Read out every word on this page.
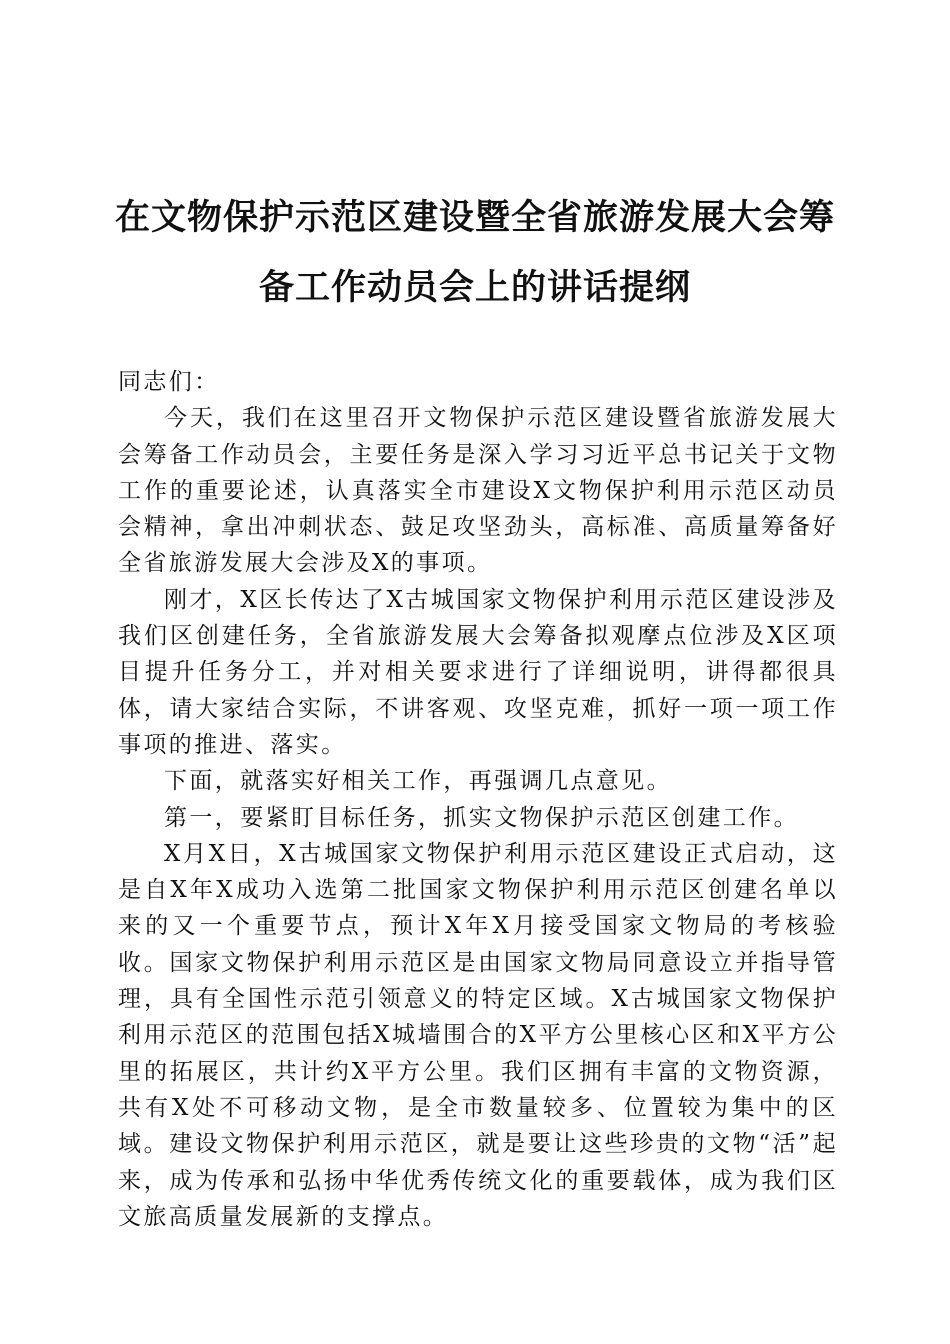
在文物保护示范区建设暨全省旅游发展大会筹
备工作动员会上的讲话提纲

同志们：

今天，我们在这里召开文物保护示范区建设暨省旅游发展大会筹备工作动员会，主要任务是深入学习习近平总书记关于文物工作的重要论述，认真落实全市建设X文物保护利用示范区动员会精神，拿出冲刺状态、鼓足攻坚劲头，高标准、高质量筹备好全省旅游发展大会涉及X的事项。

刚才，X区长传达了X古城国家文物保护利用示范区建设涉及我们区创建任务，全省旅游发展大会筹备拟观摩点位涉及X区项目提升任务分工，并对相关要求进行了详细说明，讲得都很具体，请大家结合实际，不讲客观、攻坚克难，抓好一项一项工作事项的推进、落实。

下面，就落实好相关工作，再强调几点意见。

第一，要紧盯目标任务，抓实文物保护示范区创建工作。

X月X日，X古城国家文物保护利用示范区建设正式启动，这是自X年X成功入选第二批国家文物保护利用示范区创建名单以来的又一个重要节点，预计X年X月接受国家文物局的考核验收。国家文物保护利用示范区是由国家文物局同意设立并指导管理，具有全国性示范引领意义的特定区域。X古城国家文物保护利用示范区的范围包括X城墙围合的X平方公里核心区和X平方公里的拓展区，共计约X平方公里。我们区拥有丰富的文物资源，共有X处不可移动文物，是全市数量较多、位置较为集中的区域。建设文物保护利用示范区，就是要让这些珍贵的文物“活”起来，成为传承和弘扬中华优秀传统文化的重要载体，成为我们区文旅高质量发展新的支撑点。
